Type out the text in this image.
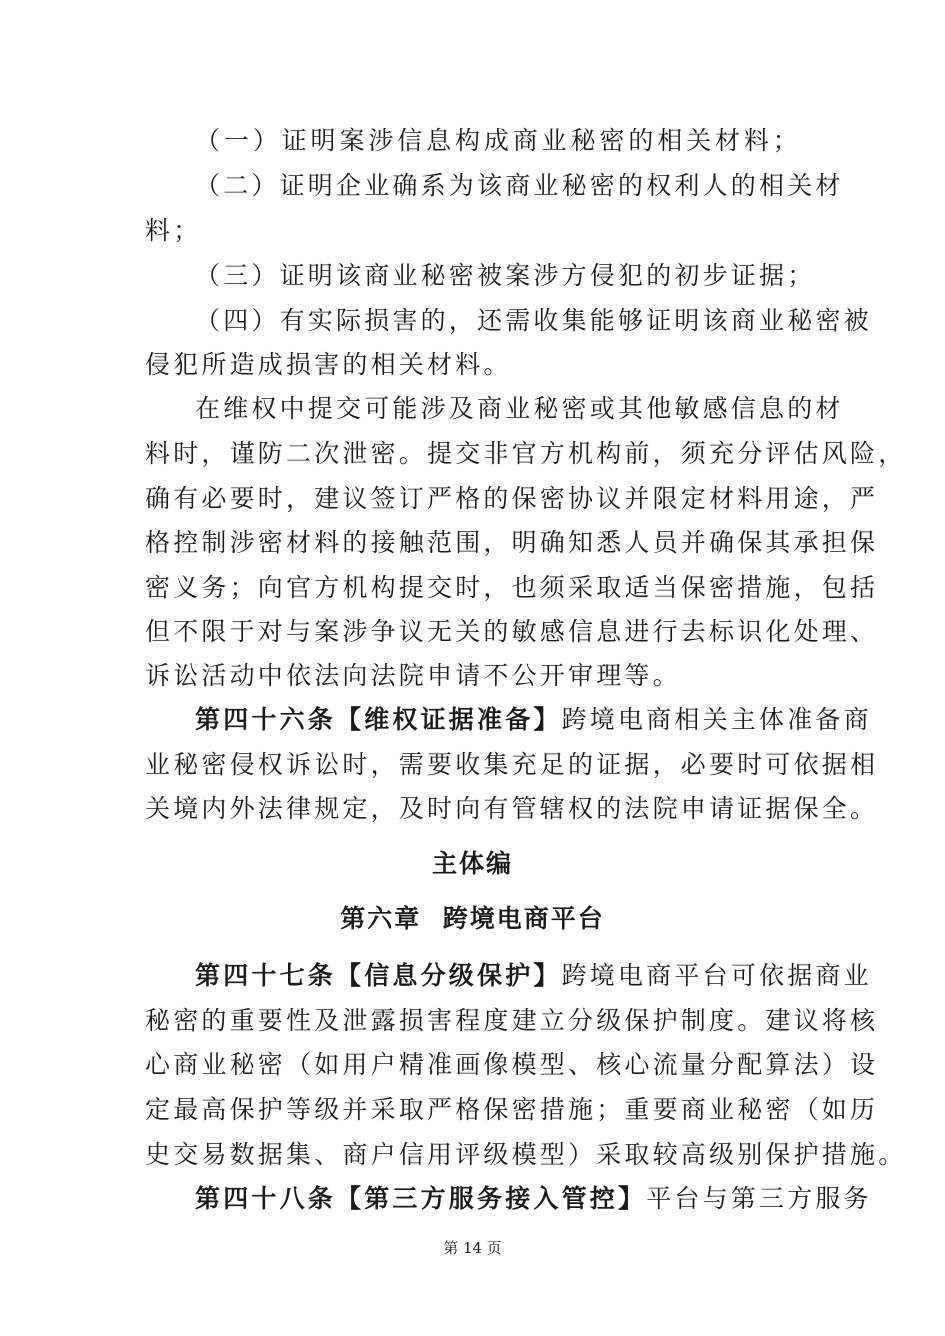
（一）证明案涉信息构成商业秘密的相关材料；
（二）证明企业确系为该商业秘密的权利人的相关材
料；
（三）证明该商业秘密被案涉方侵犯的初步证据；
（四）有实际损害的，还需收集能够证明该商业秘密被
侵犯所造成损害的相关材料。
在维权中提交可能涉及商业秘密或其他敏感信息的材
料时，谨防二次泄密。提交非官方机构前，须充分评估风险，
确有必要时，建议签订严格的保密协议并限定材料用途，严
格控制涉密材料的接触范围，明确知悉人员并确保其承担保
密义务；向官方机构提交时，也须采取适当保密措施，包括
但不限于对与案涉争议无关的敏感信息进行去标识化处理、
诉讼活动中依法向法院申请不公开审理等。
第四十六条【维权证据准备】跨境电商相关主体准备商
业秘密侵权诉讼时，需要收集充足的证据，必要时可依据相
关境内外法律规定，及时向有管辖权的法院申请证据保全。
主体编
第六章  跨境电商平台
第四十七条【信息分级保护】跨境电商平台可依据商业
秘密的重要性及泄露损害程度建立分级保护制度。建议将核
心商业秘密（如用户精准画像模型、核心流量分配算法）设
定最高保护等级并采取严格保密措施；重要商业秘密（如历
史交易数据集、商户信用评级模型）采取较高级别保护措施。
第四十八条【第三方服务接入管控】平台与第三方服务
第 14 页
